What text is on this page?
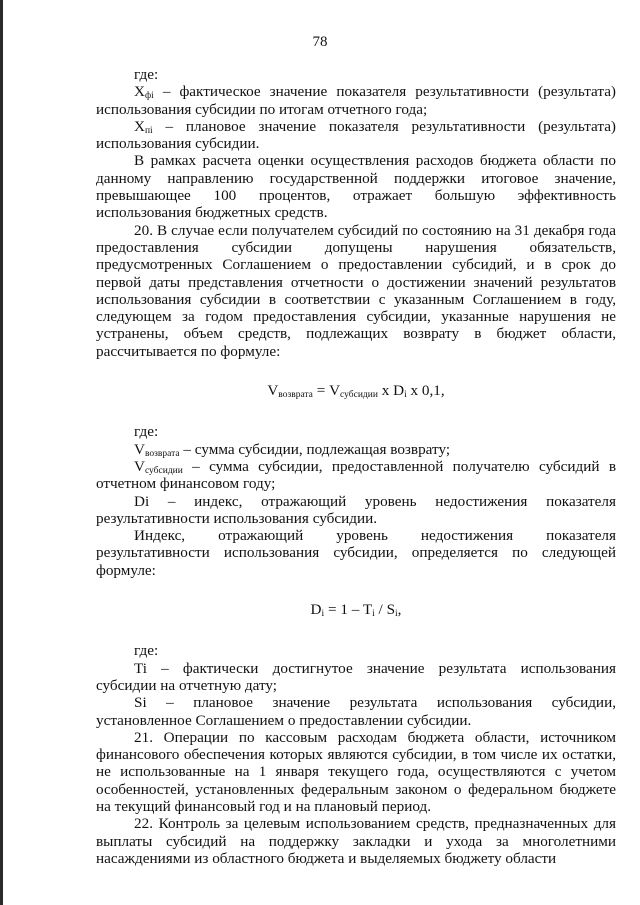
78

где:

$X_{фi}$ – фактическое значение показателя результативности (результата) использования субсидии по итогам отчетного года;

$X_{пi}$ – плановое значение показателя результативности (результата) использования субсидии.

В рамках расчета оценки осуществления расходов бюджета области по данному направлению государственной поддержки итоговое значение, превышающее 100 процентов, отражает большую эффективность использования бюджетных средств.

20. В случае если получателем субсидий по состоянию на 31 декабря года предоставления субсидии допущены нарушения обязательств, предусмотренных Соглашением о предоставлении субсидий, и в срок до первой даты представления отчетности о достижении значений результатов использования субсидии в соответствии с указанным Соглашением в году, следующем за годом предоставления субсидии, указанные нарушения не устранены, объем средств, подлежащих возврату в бюджет области, рассчитывается по формуле:

$V_{возврата} = V_{субсидии}$ x $D_i$ x 0,1,

где:

$V_{возврата}$ – сумма субсидии, подлежащая возврату;

$V_{субсидии}$ – сумма субсидии, предоставленной получателю субсидий в отчетном финансовом году;

Di – индекс, отражающий уровень недостижения показателя результативности использования субсидии.

Индекс, отражающий уровень недостижения показателя результативности использования субсидии, определяется по следующей формуле:

$D_i = 1 - T_i / S_i$,

где:

Ti – фактически достигнутое значение результата использования субсидии на отчетную дату;

Si – плановое значение результата использования субсидии, установленное Соглашением о предоставлении субсидии.

21. Операции по кассовым расходам бюджета области, источником финансового обеспечения которых являются субсидии, в том числе их остатки, не использованные на 1 января текущего года, осуществляются с учетом особенностей, установленных федеральным законом о федеральном бюджете на текущий финансовый год и на плановый период.

22. Контроль за целевым использованием средств, предназначенных для выплаты субсидий на поддержку закладки и ухода за многолетними насаждениями из областного бюджета и выделяемых бюджету области
